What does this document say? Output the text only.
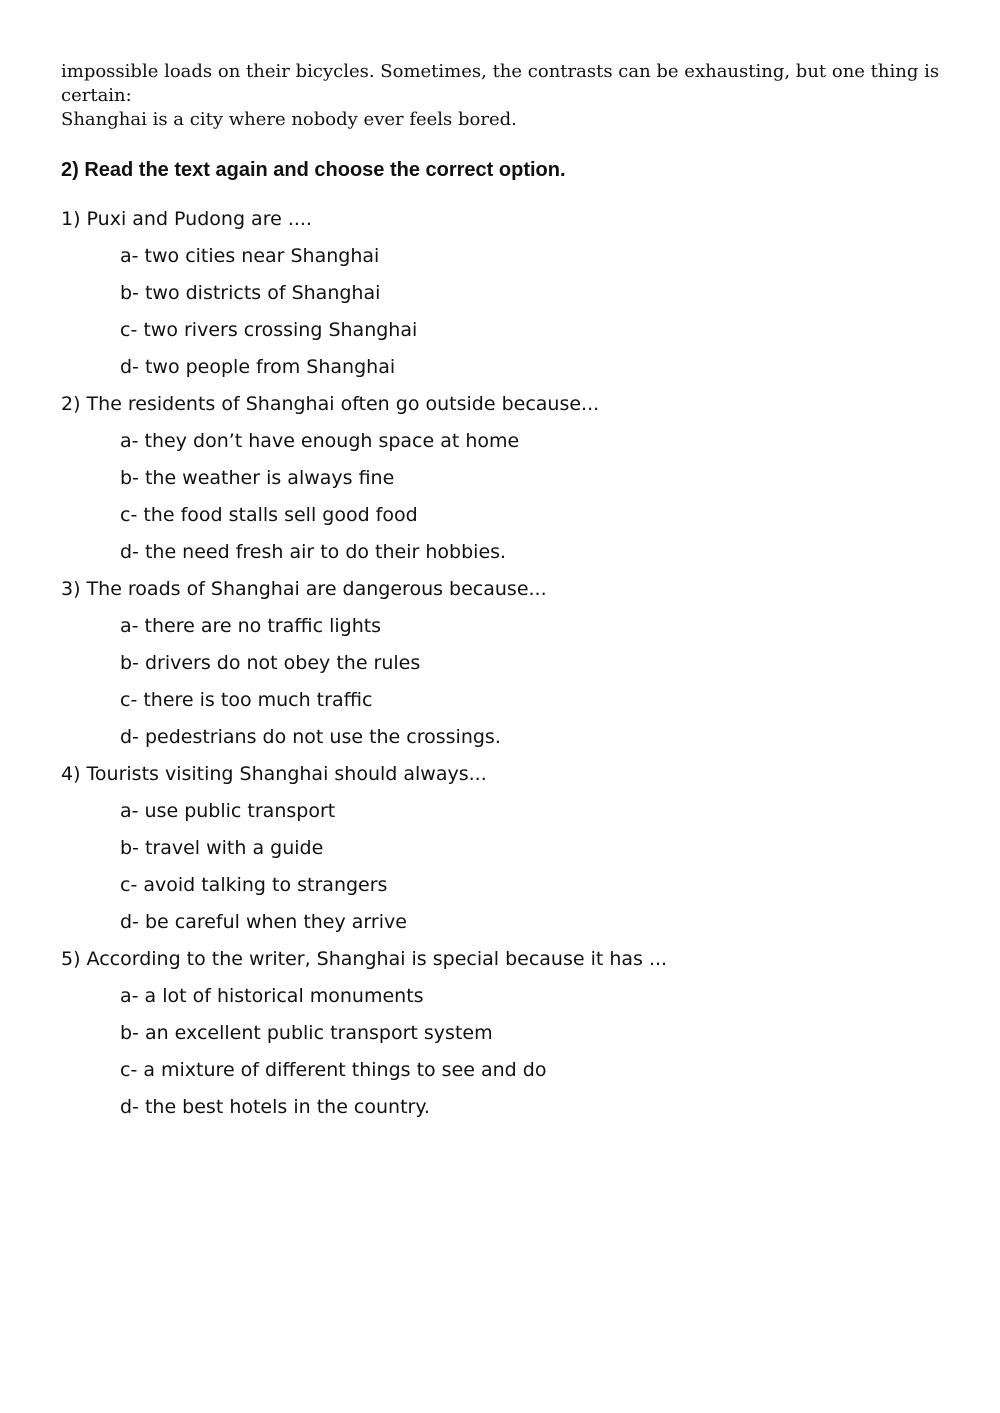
impossible loads on their bicycles. Sometimes, the contrasts can be exhausting, but one thing is certain:

Shanghai is a city where nobody ever feels bored.

2) Read the text again and choose the correct option.
1) Puxi and Pudong are ....
a- two cities near Shanghai
b- two districts of Shanghai
c- two rivers crossing Shanghai
d- two people from Shanghai
2) The residents of Shanghai often go outside because...
a- they don’t have enough space at home
b- the weather is always fine
c- the food stalls sell good food
d- the need fresh air to do their hobbies.
3) The roads of Shanghai are dangerous because...
a- there are no traffic lights
b- drivers do not obey the rules
c- there is too much traffic
d- pedestrians do not use the crossings.
4) Tourists visiting Shanghai should always...
a- use public transport
b- travel with a guide
c- avoid talking to strangers
d- be careful when they arrive
5) According to the writer, Shanghai is special because it has ...
a- a lot of historical monuments
b- an excellent public transport system
c- a mixture of different things to see and do
d- the best hotels in the country.
